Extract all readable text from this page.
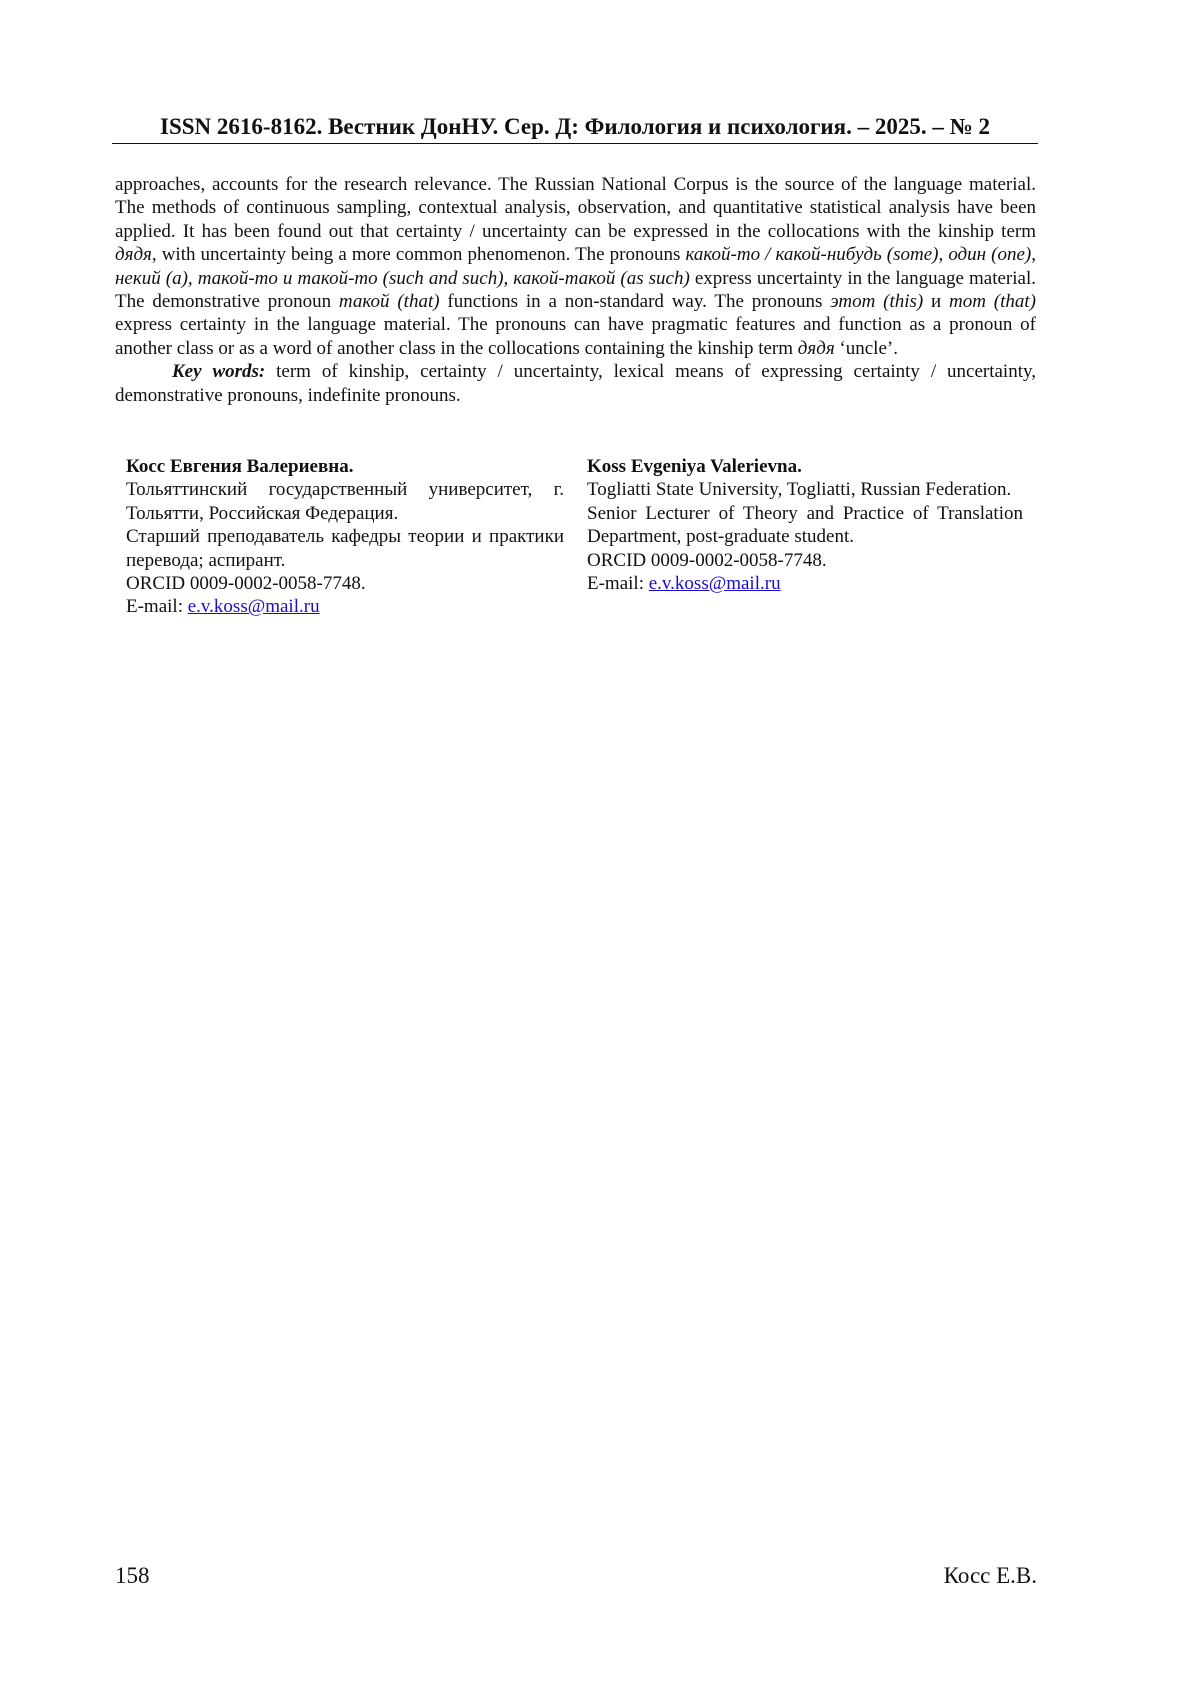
ISSN 2616-8162. Вестник ДонНУ. Сер. Д: Филология и психология. – 2025. – № 2

approaches, accounts for the research relevance. The Russian National Corpus is the source of the language material. The methods of continuous sampling, contextual analysis, observation, and quantitative statistical analysis have been applied. It has been found out that certainty / uncertainty can be expressed in the collocations with the kinship term дядя, with uncertainty being a more common phenomenon. The pronouns какой-то / какой-нибудь (some), один (one), некий (a), такой-то и такой-то (such and such), какой-такой (as such) express uncertainty in the language material. The demonstrative pronoun такой (that) functions in a non-standard way. The pronouns этот (this) и тот (that) express certainty in the language material. The pronouns can have pragmatic features and function as a pronoun of another class or as a word of another class in the collocations containing the kinship term дядя ‘uncle’.

Key words: term of kinship, certainty / uncertainty, lexical means of expressing certainty / uncertainty, demonstrative pronouns, indefinite pronouns.

Косс Евгения Валериевна.

Тольяттинский государственный университет, г. Тольятти, Российская Федерация.

Старший преподаватель кафедры теории и практики перевода; аспирант.

ORCID 0009-0002-0058-7748.

E-mail: e.v.koss@mail.ru

Koss Evgeniya Valerievna.

Togliatti State University, Togliatti, Russian Federation.

Senior Lecturer of Theory and Practice of Translation Department, post-graduate student.

ORCID 0009-0002-0058-7748.

E-mail: e.v.koss@mail.ru

158	Косс Е.В.
